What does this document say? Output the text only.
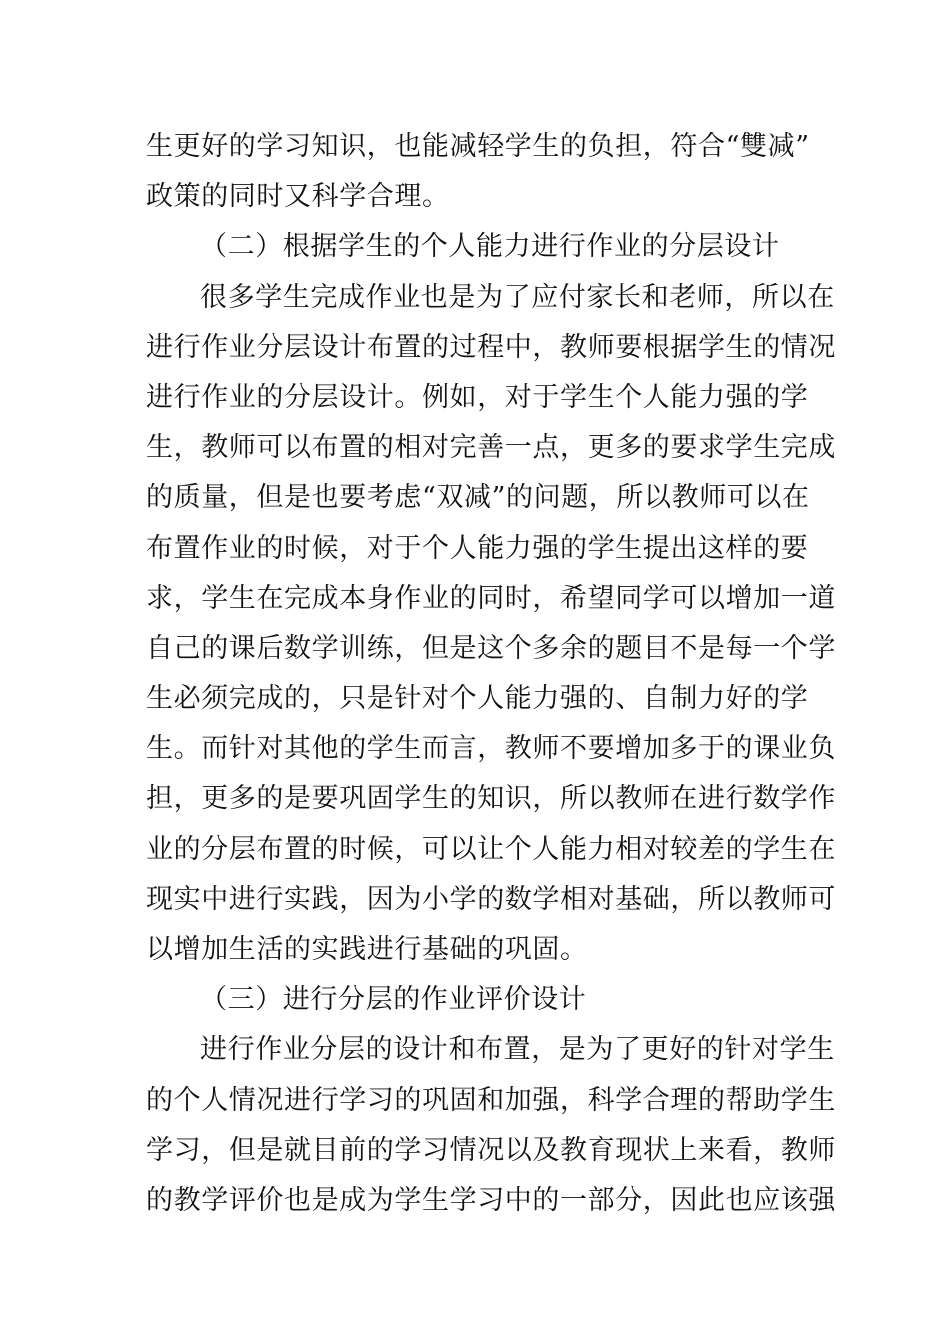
生更好的学习知识，也能减轻学生的负担，符合“雙减”
政策的同时又科学合理。
（二）根据学生的个人能力进行作业的分层设计
很多学生完成作业也是为了应付家长和老师，所以在
进行作业分层设计布置的过程中，教师要根据学生的情况
进行作业的分层设计。例如，对于学生个人能力强的学
生，教师可以布置的相对完善一点，更多的要求学生完成
的质量，但是也要考虑“双减”的问题，所以教师可以在
布置作业的时候，对于个人能力强的学生提出这样的要
求，学生在完成本身作业的同时，希望同学可以增加一道
自己的课后数学训练，但是这个多余的题目不是每一个学
生必须完成的，只是针对个人能力强的、自制力好的学
生。而针对其他的学生而言，教师不要增加多于的课业负
担，更多的是要巩固学生的知识，所以教师在进行数学作
业的分层布置的时候，可以让个人能力相对较差的学生在
现实中进行实践，因为小学的数学相对基础，所以教师可
以增加生活的实践进行基础的巩固。
（三）进行分层的作业评价设计
进行作业分层的设计和布置，是为了更好的针对学生
的个人情况进行学习的巩固和加强，科学合理的帮助学生
学习，但是就目前的学习情况以及教育现状上来看，教师
的教学评价也是成为学生学习中的一部分，因此也应该强
